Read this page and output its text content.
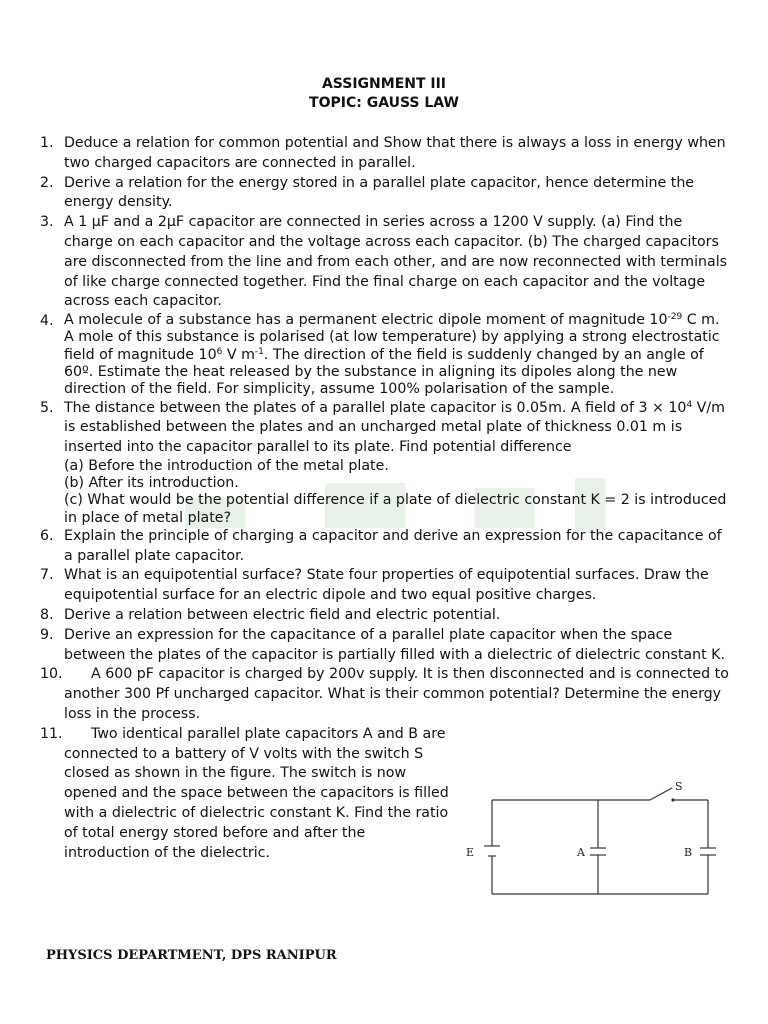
ASSIGNMENT III
TOPIC: GAUSS LAW
1. Deduce a relation for common potential and Show that there is always a loss in energy when two charged capacitors are connected in parallel.
2. Derive a relation for the energy stored in a parallel plate capacitor, hence determine the energy density.
3. A 1 μF and a 2μF capacitor are connected in series across a 1200 V supply. (a) Find the charge on each capacitor and the voltage across each capacitor. (b) The charged capacitors are disconnected from the line and from each other, and are now reconnected with terminals of like charge connected together. Find the final charge on each capacitor and the voltage across each capacitor.
4. A molecule of a substance has a permanent electric dipole moment of magnitude $10^{-29}$ C m. A mole of this substance is polarised (at low temperature) by applying a strong electrostatic field of magnitude $10^6$ V $m^{-1}$. The direction of the field is suddenly changed by an angle of 60º. Estimate the heat released by the substance in aligning its dipoles along the new direction of the field. For simplicity, assume 100% polarisation of the sample.
5. The distance between the plates of a parallel plate capacitor is 0.05m. A field of $3 \times 10^4$ V/m is established between the plates and an uncharged metal plate of thickness 0.01 m is inserted into the capacitor parallel to its plate. Find potential difference
(a) Before the introduction of the metal plate.
(b) After its introduction.
(c) What would be the potential difference if a plate of dielectric constant K = 2 is introduced in place of metal plate?
6. Explain the principle of charging a capacitor and derive an expression for the capacitance of a parallel plate capacitor.
7. What is an equipotential surface? State four properties of equipotential surfaces. Draw the equipotential surface for an electric dipole and two equal positive charges.
8. Derive a relation between electric field and electric potential.
9. Derive an expression for the capacitance of a parallel plate capacitor when the space between the plates of the capacitor is partially filled with a dielectric of dielectric constant K.
10.	A 600 pF capacitor is charged by 200v supply. It is then disconnected and is connected to another 300 Pf uncharged capacitor. What is their common potential? Determine the energy loss in the process.
11.	Two identical parallel plate capacitors A and B are connected to a battery of V volts with the switch S closed as shown in the figure. The switch is now opened and the space between the capacitors is filled with a dielectric of dielectric constant K. Find the ratio of total energy stored before and after the introduction of the dielectric.
S
E	A	B
PHYSICS DEPARTMENT, DPS RANIPUR
